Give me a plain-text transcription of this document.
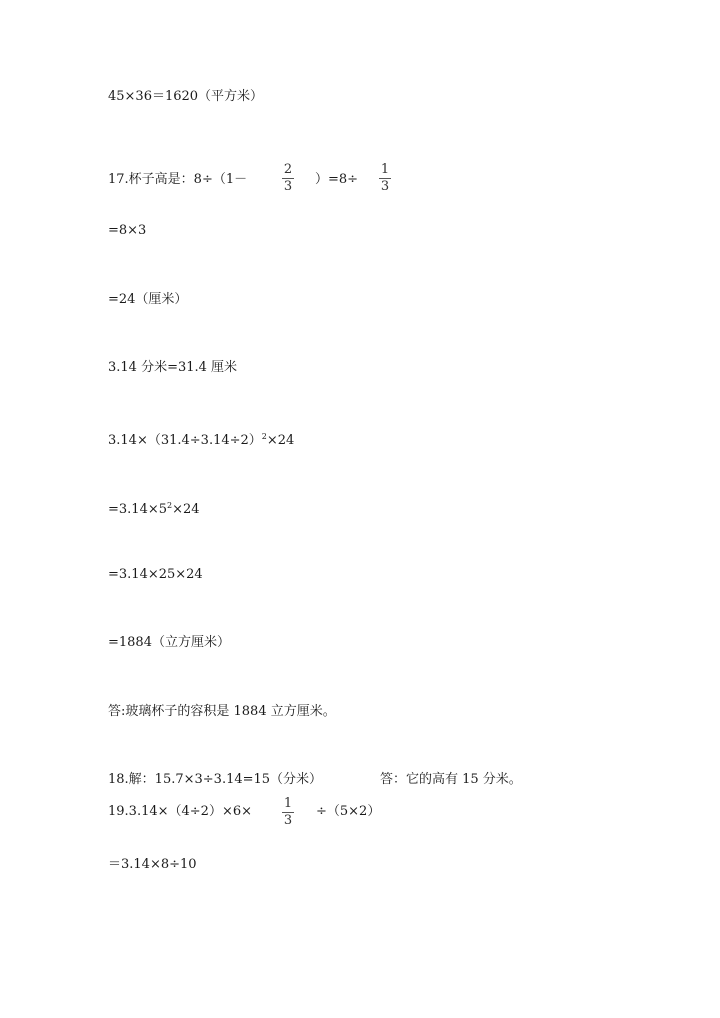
45×36＝1620（平方米）
17.杯子高是：8÷（1－
2
3 ）=8÷
1
3
=8×3
=24（厘米）
3.14 分米=31.4 厘米
$3.14\times(31.4\div 3.14\div 2)^2\times 24$
$=3.14\times 5^2\times 24$
=3.14×25×24
=1884（立方厘米）
答:玻璃杯子的容积是 1884 立方厘米。
18.解：15.7×3÷3.14=15（分米）	答：它的高有 15 分米。
19.3.14×（4÷2）×6×
1
3
÷（5×2）
＝3.14×8÷10
